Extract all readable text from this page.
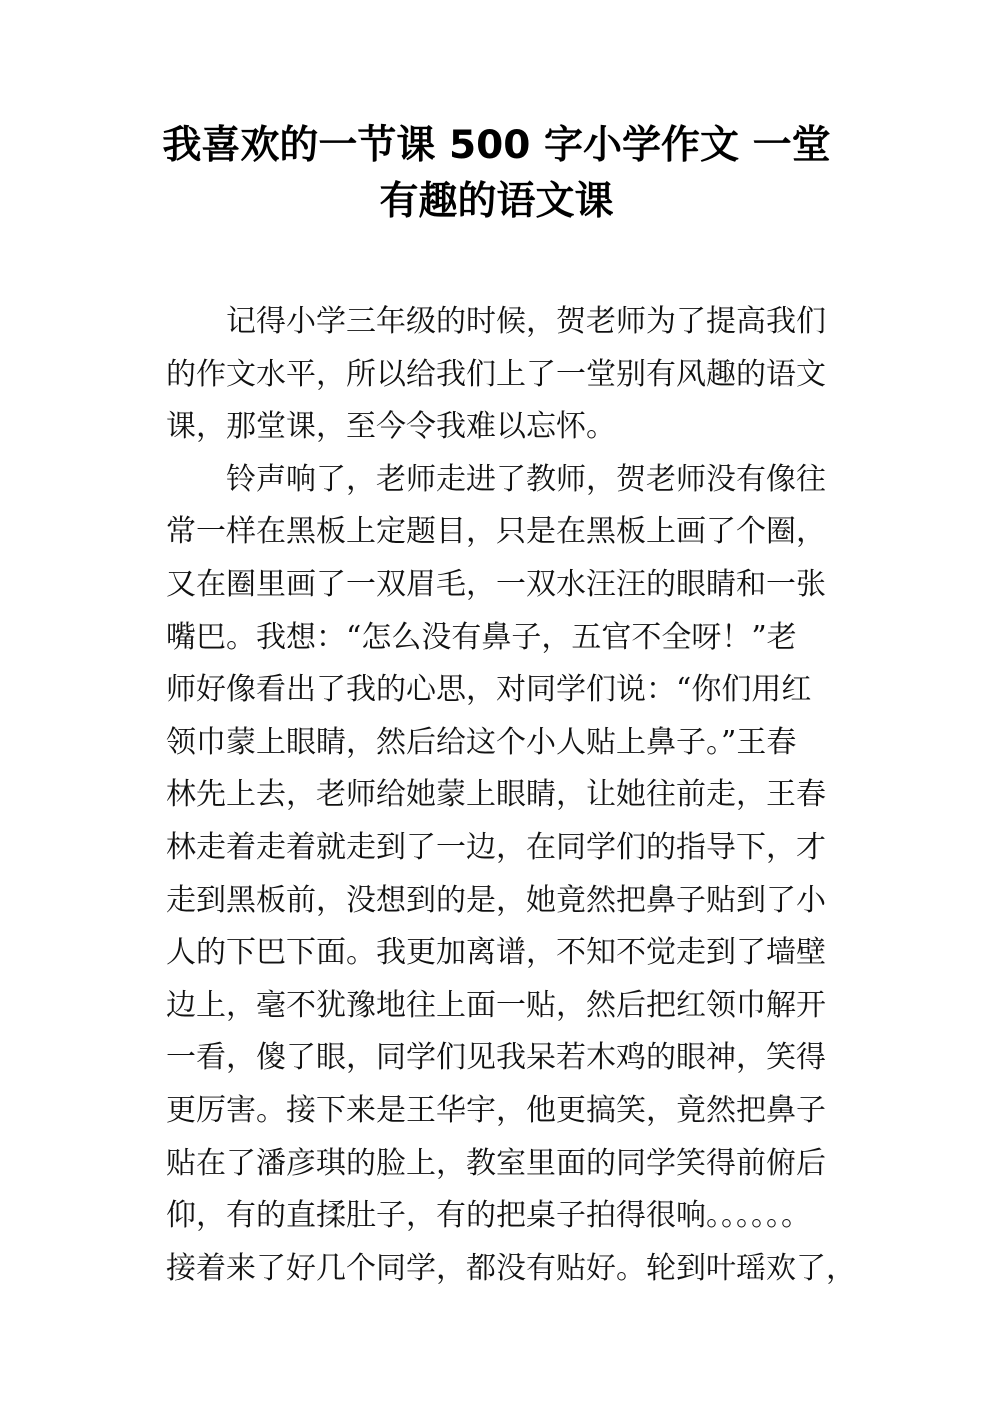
我喜欢的一节课 500 字小学作文 一堂
有趣的语文课
记得小学三年级的时候，贺老师为了提高我们
的作文水平，所以给我们上了一堂别有风趣的语文
课，那堂课，至今令我难以忘怀。
铃声响了，老师走进了教师，贺老师没有像往
常一样在黑板上定题目，只是在黑板上画了个圈，
又在圈里画了一双眉毛，一双水汪汪的眼睛和一张
嘴巴。我想：“怎么没有鼻子，五官不全呀！”老
师好像看出了我的心思，对同学们说：“你们用红
领巾蒙上眼睛，然后给这个小人贴上鼻子。”王春
林先上去，老师给她蒙上眼睛，让她往前走，王春
林走着走着就走到了一边，在同学们的指导下，才
走到黑板前，没想到的是，她竟然把鼻子贴到了小
人的下巴下面。我更加离谱，不知不觉走到了墙壁
边上，毫不犹豫地往上面一贴，然后把红领巾解开
一看，傻了眼，同学们见我呆若木鸡的眼神，笑得
更厉害。接下来是王华宇，他更搞笑，竟然把鼻子
贴在了潘彦琪的脸上，教室里面的同学笑得前俯后
仰，有的直揉肚子，有的把桌子拍得很响。。。。。。
接着来了好几个同学，都没有贴好。轮到叶瑶欢了，
